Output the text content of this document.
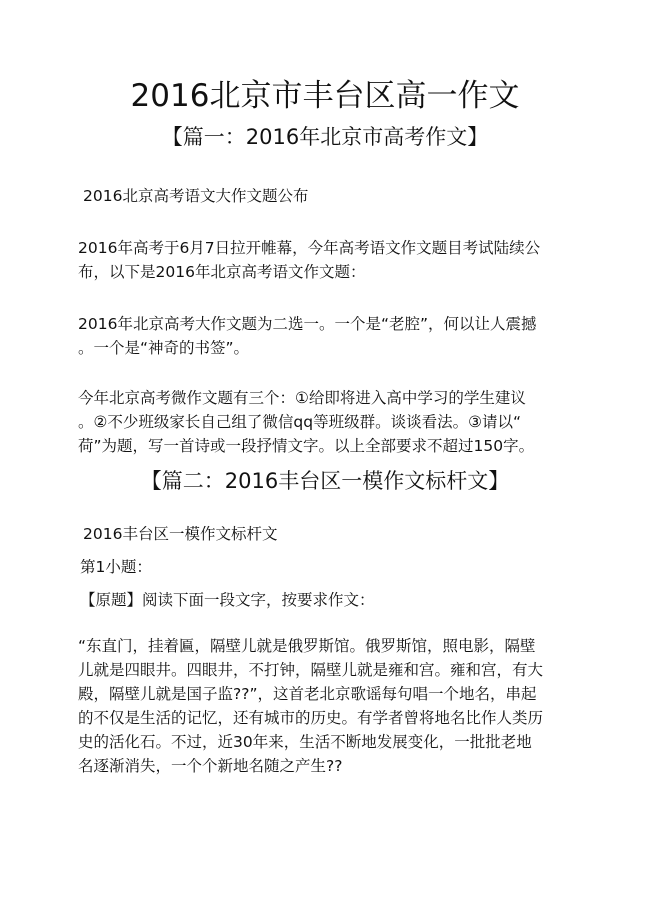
2016北京市丰台区高一作文
【篇一：2016年北京市高考作文】
2016北京高考语文大作文题公布
2016年高考于6月7日拉开帷幕，今年高考语文作文题目考试陆续公
布，以下是2016年北京高考语文作文题：
2016年北京高考大作文题为二选一。一个是“老腔”，何以让人震撼
。一个是“神奇的书签”。
今年北京高考微作文题有三个：①给即将进入高中学习的学生建议
。②不少班级家长自己组了微信qq等班级群。谈谈看法。③请以“
荷”为题，写一首诗或一段抒情文字。以上全部要求不超过150字。
【篇二：2016丰台区一模作文标杆文】
2016丰台区一模作文标杆文
第1小题：
【原题】阅读下面一段文字，按要求作文：
“东直门，挂着匾，隔壁儿就是俄罗斯馆。俄罗斯馆，照电影，隔壁
儿就是四眼井。四眼井，不打钟，隔壁儿就是雍和宫。雍和宫，有大
殿，隔壁儿就是国子监??”，这首老北京歌谣每句唱一个地名，串起
的不仅是生活的记忆，还有城市的历史。有学者曾将地名比作人类历
史的活化石。不过，近30年来，生活不断地发展变化，一批批老地
名逐渐消失，一个个新地名随之产生??
